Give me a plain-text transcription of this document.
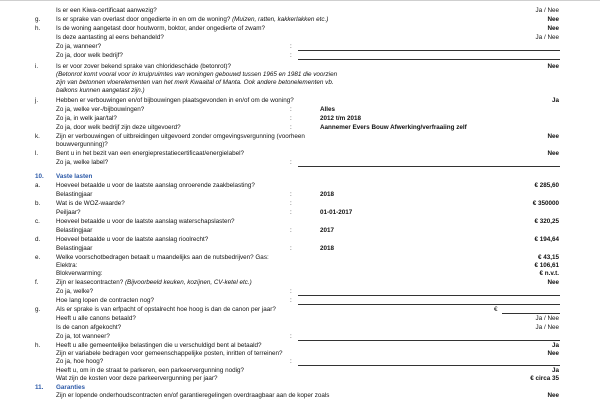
Is er een Kiwa-certificaat aanwezig?	Ja / Nee
g. Is er sprake van overlast door ongedierte in en om de woning? (Muizen, ratten, kakkerlakken etc.)	Nee
h. Is de woning aangetast door houtworm, boktor, ander ongedierte of zwam?	Nee
Is deze aantasting al eens behandeld?	Ja / Nee
Zo ja, wanneer?	:
Zo ja, door welk bedrijf?	:
i.	Is er voor zover bekend sprake van chloridescháde (betonrot)?	Nee
(Betonrot komt vooral voor in kruipruimtes van woningen gebouwd tussen 1965 en 1981 die voorzien
zijn van betonnen vloerelementen van het merk Kwaaital of Manta. Ook andere betonelementen vb.
balkons kunnen aangetast zijn.)
j.	Hebben er verbouwingen en/of bijbouwingen plaatsgevonden in en/of om de woning?	Ja
Zo ja, welke ver-/bijbouwingen?	:	Alles
Zo ja, in welk jaar/tal?	:	2012 t/m 2018
Zo ja, door welk bedrijf zijn deze uitgevoerd?	:	Aannemer Evers Bouw Afwerking/verfraaiing zelf
k.	Zijn er verbouwingen of uitbreidingen uitgevoerd zonder omgevingsvergunning (voorheen	Nee
bouwvergunning)?
l.	Bent u in het bezit van een energieprestatiecertificaat/energielabel?	Nee
Zo ja, welke label?	:
10. Vaste lasten
a. Hoeveel betaalde u voor de laatste aanslag onroerende zaakbelasting?	€ 285,60
Belastingjaar	:	2018
b. Wat is de WOZ-waarde?	:	€ 350000
Peiljaar?	:	01-01-2017
c.	Hoeveel betaalde u voor de laatste aanslag waterschapslasten?	€ 320,25
Belastingjaar	:	2017
d. Hoeveel betaalde u voor de laatste aanslag rioolrecht?	€ 194,64
Belastingjaar	:	2018
e. Welke voorschotbedragen betaalt u maandelijks aan de nutsbedrijven? Gas:	€ 43,15
Elektra:	€ 106,61
Blokverwarming:	€ n.v.t.
f.	Zijn er leasecontracten? (Bijvoorbeeld keuken, kozijnen, CV-ketel etc.)	Nee
Zo ja, welke?	:
Hoe lang lopen de contracten nog?	:
g. Als er sprake is van erfpacht of opstalrecht hoe hoog is dan de canon per jaar?	€
Heeft u alle canons betaald?	Ja / Nee
Is de canon afgekocht?	Ja / Nee
Zo ja, tot wanneer?	:
h. Heeft u alle gemeentelijke belastingen die u verschuldigd bent al betaald?	Ja
Zijn er variabele bedragen voor gemeenschappelijke posten, inritten of terreinen?	Nee
Zo ja, hoe hoog?	:
Heeft u, om in de straat te parkeren, een parkeervergunning nodig?	Ja
Wat zijn de kosten voor deze parkeervergunning per jaar?	€ circa 35
11. Garanties
Zijn er lopende onderhoudscontracten en/of garantieregelingen overdraagbaar aan de koper zoals	Nee
